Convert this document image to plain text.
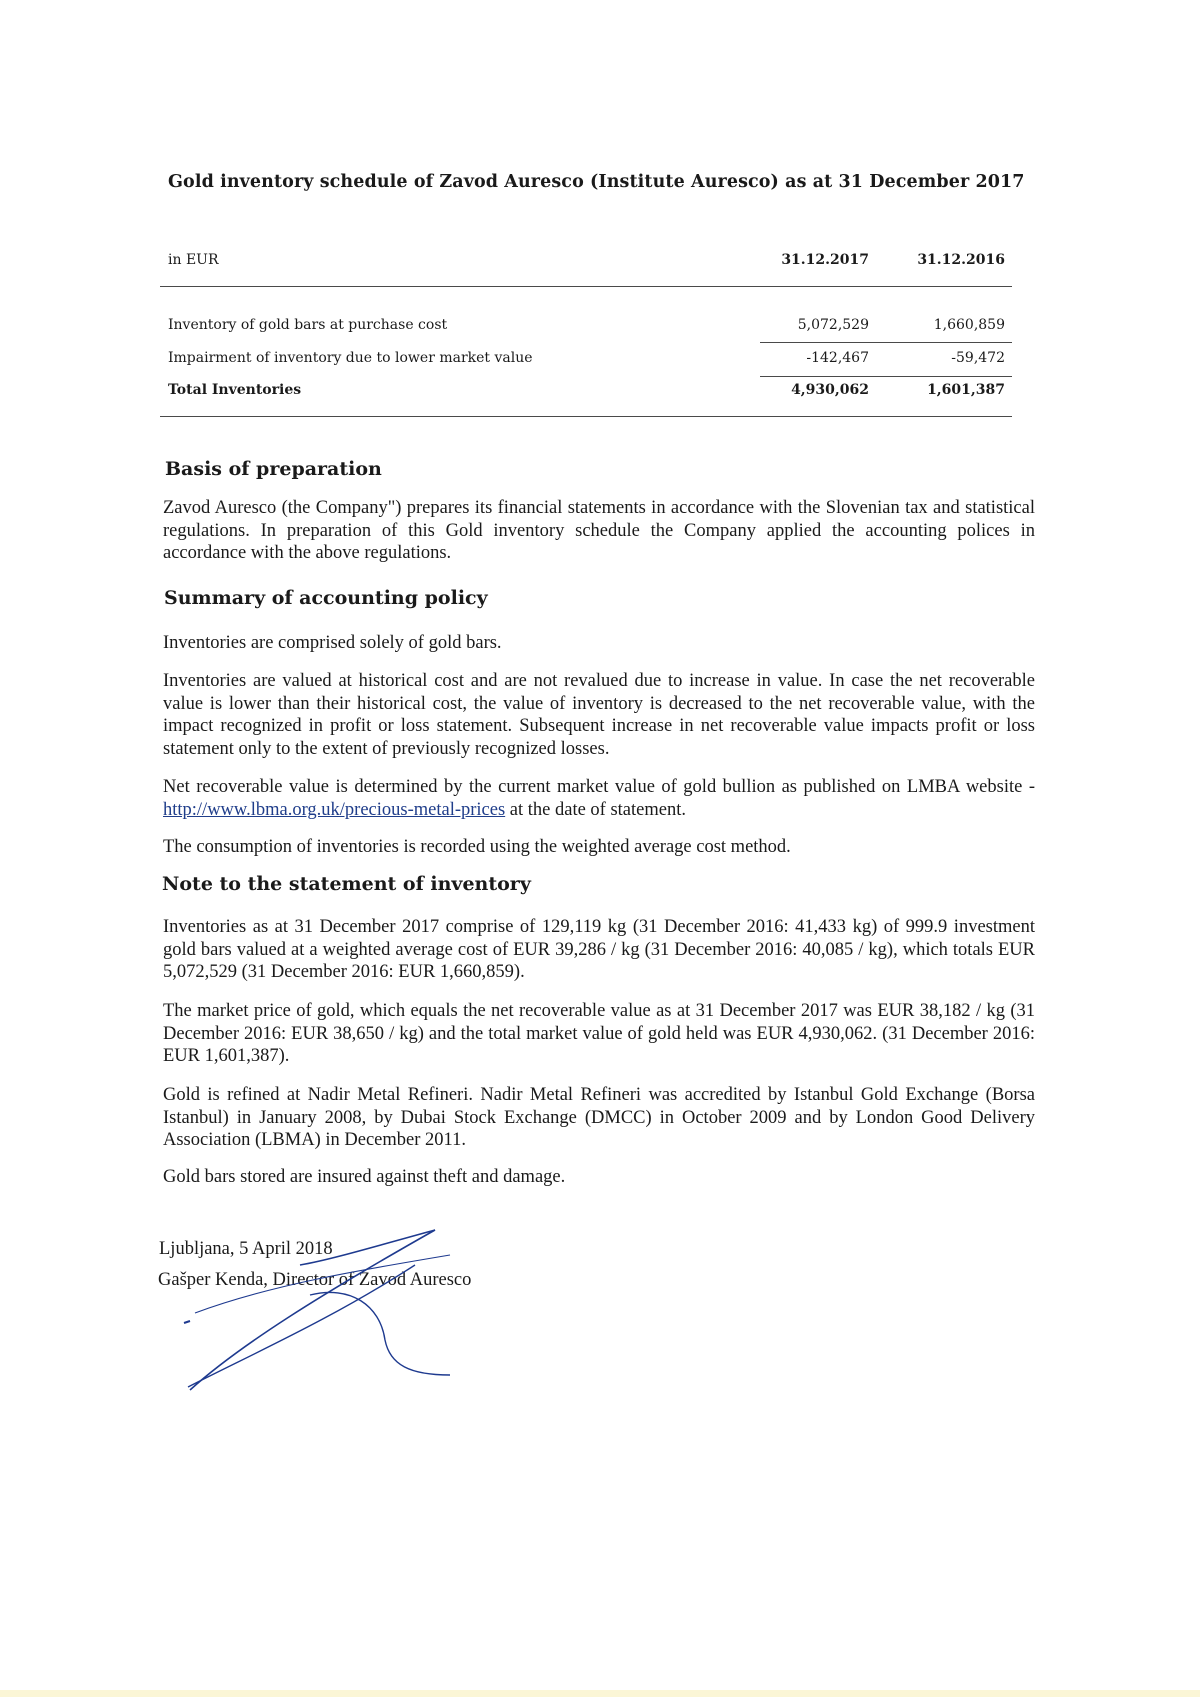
Gold inventory schedule of Zavod Auresco (Institute Auresco) as at 31 December 2017
in EUR	31.12.2017	31.12.2016
Inventory of gold bars at purchase cost	5,072,529	1,660,859
Impairment of inventory due to lower market value	-142,467	-59,472
Total Inventories	4,930,062	1,601,387
Basis of preparation

Zavod Auresco (the Company") prepares its financial statements in accordance with the Slovenian tax and statistical regulations. In preparation of this Gold inventory schedule the Company applied the accounting polices in accordance with the above regulations.

Summary of accounting policy

Inventories are comprised solely of gold bars.

Inventories are valued at historical cost and are not revalued due to increase in value. In case the net recoverable value is lower than their historical cost, the value of inventory is decreased to the net recoverable value, with the impact recognized in profit or loss statement. Subsequent increase in net recoverable value impacts profit or loss statement only to the extent of previously recognized losses.

Net recoverable value is determined by the current market value of gold bullion as published on LMBA website - http://www.lbma.org.uk/precious-metal-prices at the date of statement.

The consumption of inventories is recorded using the weighted average cost method.

Note to the statement of inventory

Inventories as at 31 December 2017 comprise of 129,119 kg (31 December 2016: 41,433 kg) of 999.9 investment gold bars valued at a weighted average cost of EUR 39,286 / kg (31 December 2016: 40,085 / kg), which totals EUR 5,072,529 (31 December 2016: EUR 1,660,859).

The market price of gold, which equals the net recoverable value as at 31 December 2017 was EUR 38,182 / kg (31 December 2016: EUR 38,650 / kg) and the total market value of gold held was EUR 4,930,062. (31 December 2016: EUR 1,601,387).

Gold is refined at Nadir Metal Refineri. Nadir Metal Refineri was accredited by Istanbul Gold Exchange (Borsa Istanbul) in January 2008, by Dubai Stock Exchange (DMCC) in October 2009 and by London Good Delivery Association (LBMA) in December 2011.

Gold bars stored are insured against theft and damage.

Ljubljana, 5 April 2018
Gašper Kenda, Director of Zavod Auresco
